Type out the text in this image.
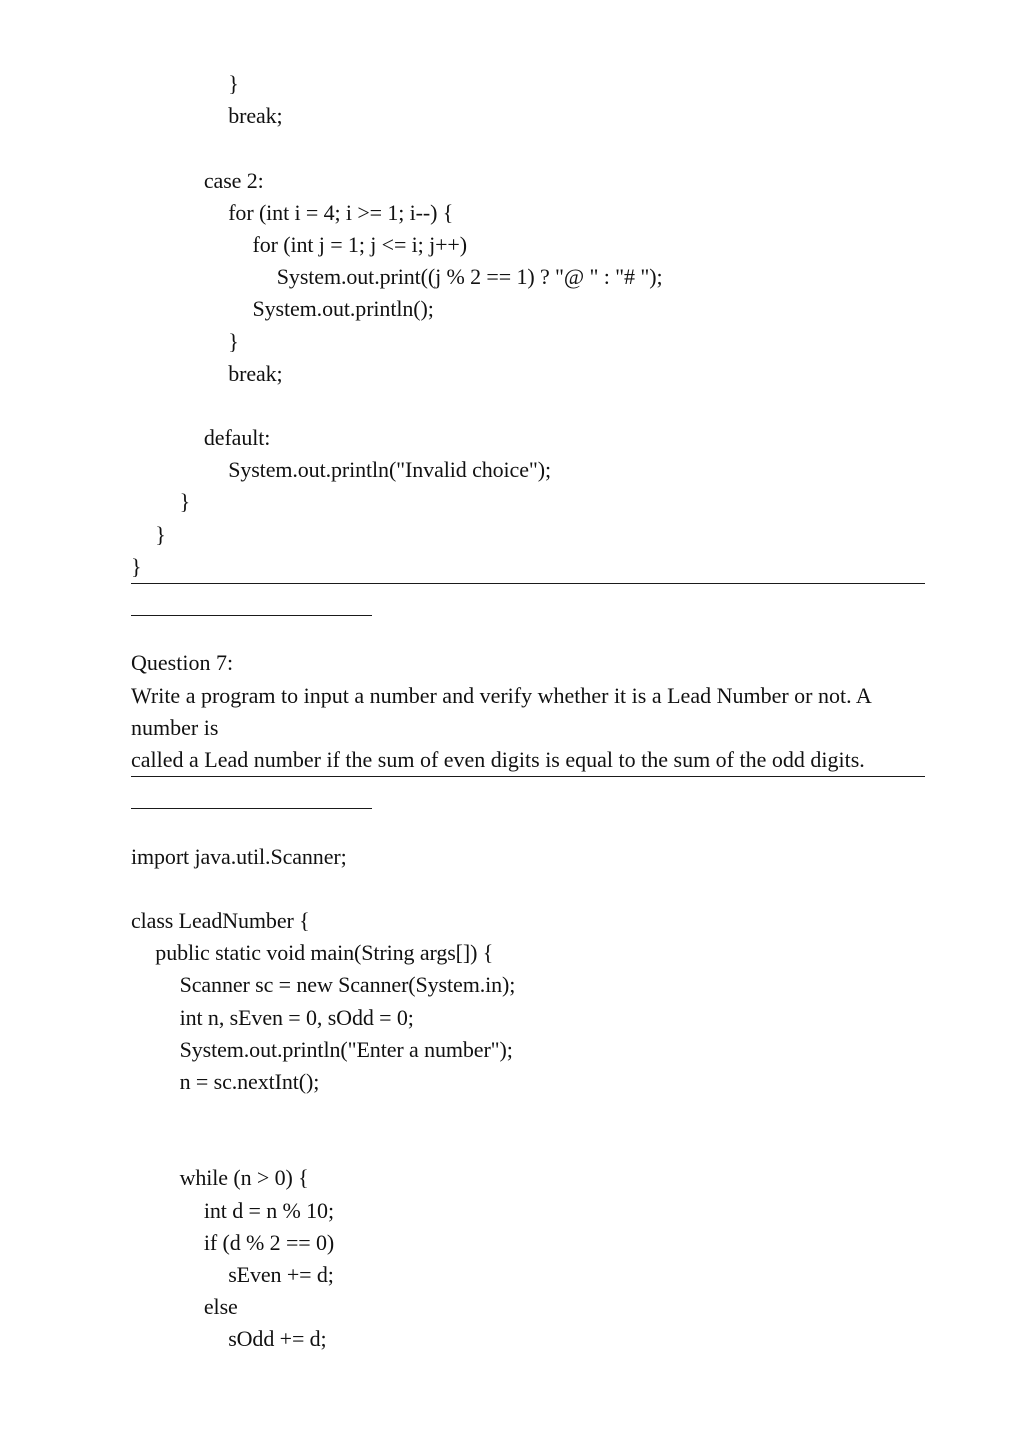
}
break;
case 2:
for (int i = 4; i >= 1; i--) {
for (int j = 1; j <= i; j++)
System.out.print((j % 2 == 1) ? "@ " : "# ");
System.out.println();
}
break;
default:
System.out.println("Invalid choice");
}
}
}
Question 7:
Write a program to input a number and verify whether it is a Lead Number or not. A
number is
called a Lead number if the sum of even digits is equal to the sum of the odd digits.
import java.util.Scanner;
class LeadNumber {
public static void main(String args[]) {
Scanner sc = new Scanner(System.in);
int n, sEven = 0, sOdd = 0;
System.out.println("Enter a number");
n = sc.nextInt();
while (n > 0) {
int d = n % 10;
if (d % 2 == 0)
sEven += d;
else
sOdd += d;
